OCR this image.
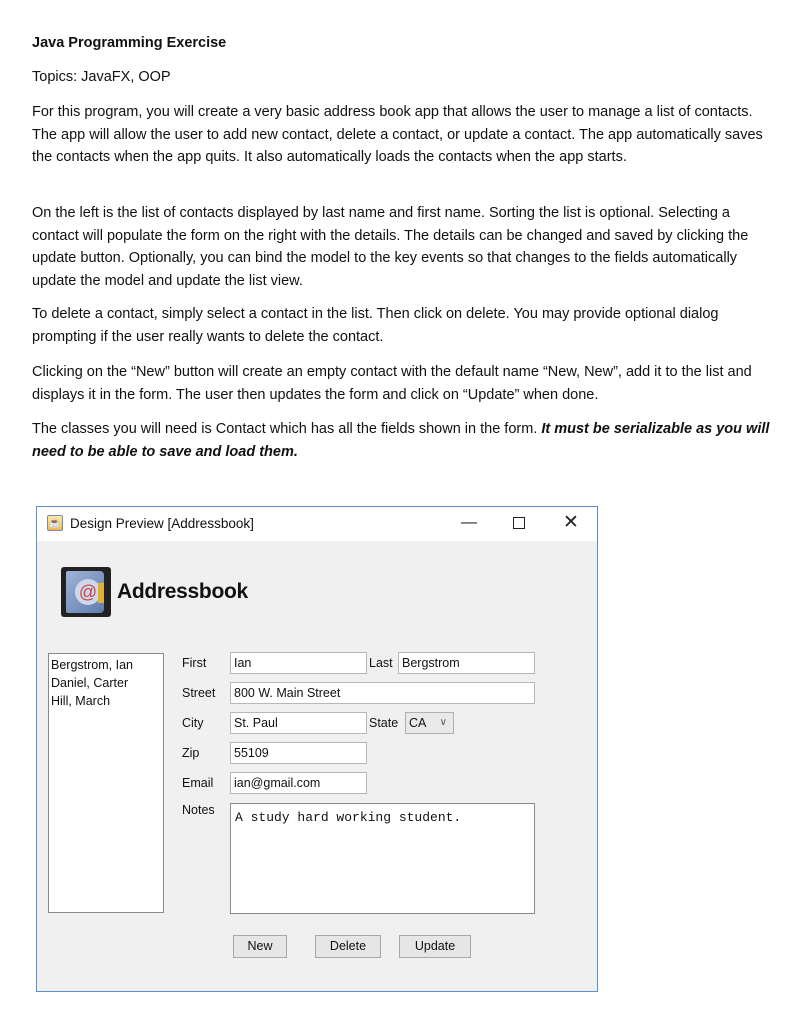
Java Programming Exercise
Topics: JavaFX, OOP

For this program, you will create a very basic address book app that allows the user to manage a list of contacts. The app will allow the user to add new contact, delete a contact, or update a contact. The app automatically saves the contacts when the app quits. It also automatically loads the contacts when the app starts.

On the left is the list of contacts displayed by last name and first name. Sorting the list is optional. Selecting a contact will populate the form on the right with the details. The details can be changed and saved by clicking the update button. Optionally, you can bind the model to the key events so that changes to the fields automatically update the model and update the list view.

To delete a contact, simply select a contact in the list. Then click on delete. You may provide optional dialog prompting if the user really wants to delete the contact.

Clicking on the “New” button will create an empty contact with the default name “New, New”, add it to the list and displays it in the form. The user then updates the form and click on “Update” when done.

The classes you will need is Contact which has all the fields shown in the form. It must be serializable as you will need to be able to save and load them.

☕ Design Preview [Addressbook]	—	✕
@ Addressbook
Bergstrom, Ian
Daniel, Carter
Hill, March
First	Ian	Last Bergstrom
Street	800 W. Main Street
City	St. Paul	State CA ∨
Zip	55109
Email	ian@gmail.com
Notes	A study hard working student.
New	Delete	Update
